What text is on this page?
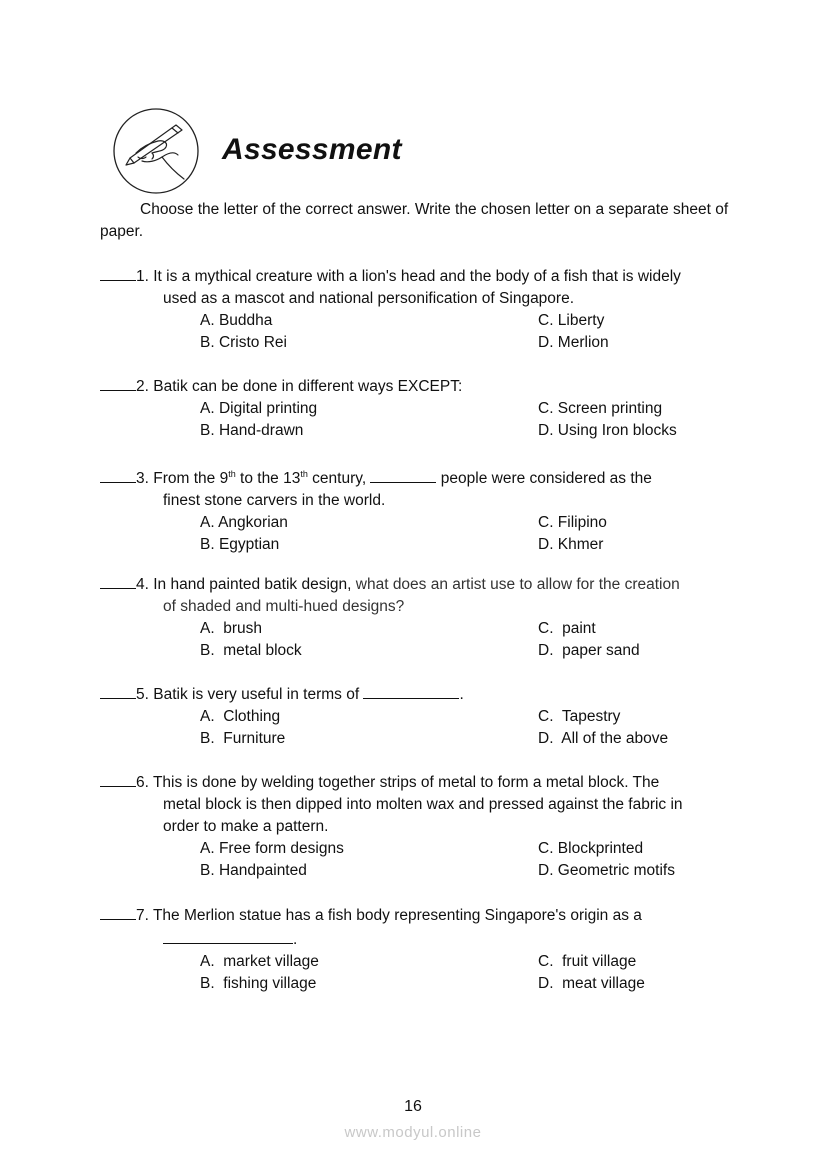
Assessment
Choose the letter of the correct answer. Write the chosen letter on a separate sheet of paper.
1. It is a mythical creature with a lion's head and the body of a fish that is widely
used as a mascot and national personification of Singapore.
A. Buddha
B. Cristo Rei
C. Liberty
D. Merlion
2. Batik can be done in different ways EXCEPT:
A. Digital printing
B. Hand-drawn
C. Screen printing
D. Using Iron blocks
3. From the 9th to the 13th century,	people were considered as the
finest stone carvers in the world.
A. Angkorian
B. Egyptian
C. Filipino
D. Khmer
4. In hand painted batik design, what does an artist use to allow for the creation
of shaded and multi-hued designs?
A.  brush
B.  metal block
C.  paint
D.  paper sand
5. Batik is very useful in terms of	.
A.  Clothing
B.  Furniture
C.  Tapestry
D.  All of the above
6. This is done by welding together strips of metal to form a metal block. The
metal block is then dipped into molten wax and pressed against the fabric in
order to make a pattern.
A. Free form designs
B. Handpainted
C. Blockprinted
D. Geometric motifs
7. The Merlion statue has a fish body representing Singapore's origin as a
.
A.  market village
B.  fishing village
C.  fruit village
D.  meat village
16
www.modyul.online
